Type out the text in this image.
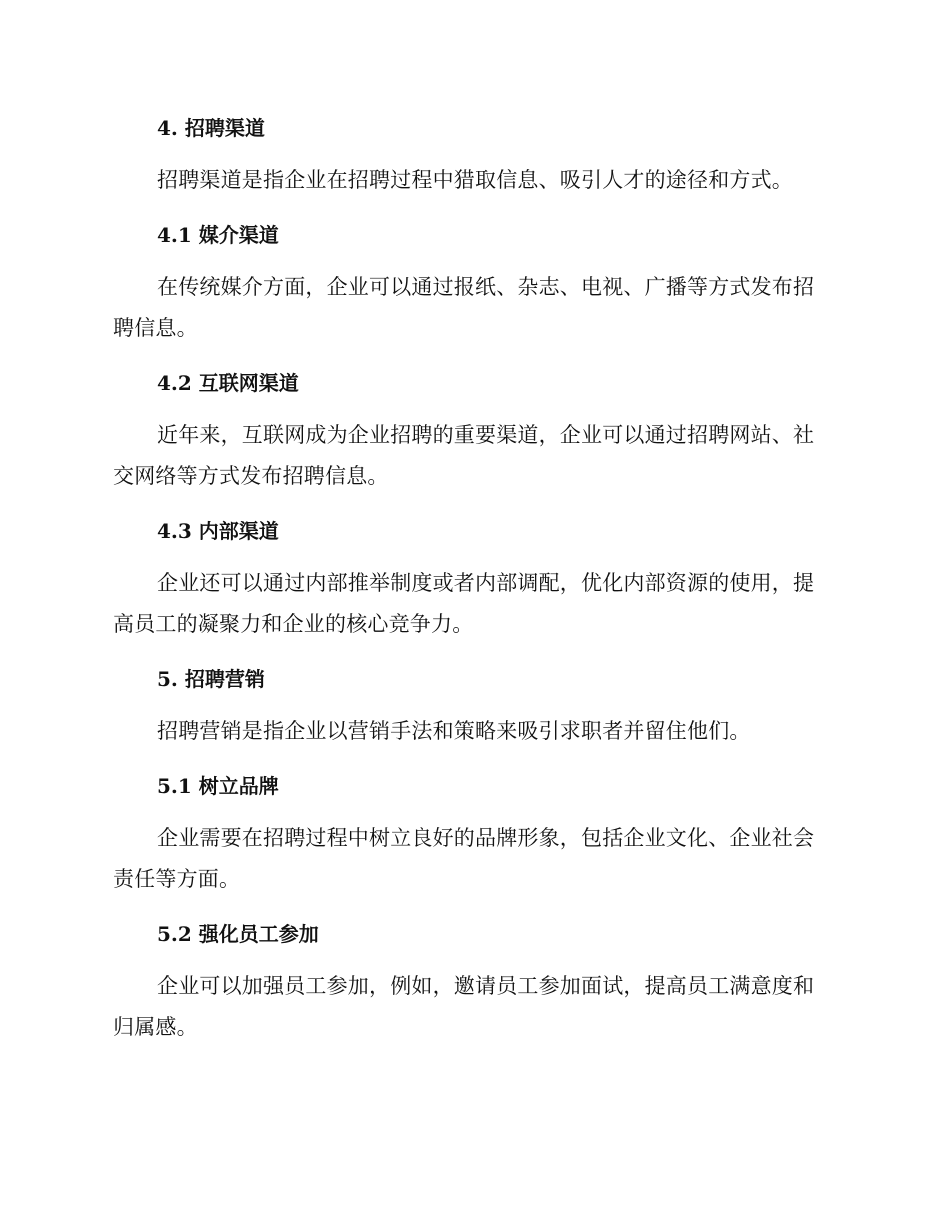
4. 招聘渠道

招聘渠道是指企业在招聘过程中猎取信息、吸引人才的途径和方式。

4.1 媒介渠道

在传统媒介方面，企业可以通过报纸、杂志、电视、广播等方式发布招聘信息。

4.2 互联网渠道

近年来，互联网成为企业招聘的重要渠道，企业可以通过招聘网站、社交网络等方式发布招聘信息。

4.3 内部渠道

企业还可以通过内部推举制度或者内部调配，优化内部资源的使用，提高员工的凝聚力和企业的核心竞争力。

5. 招聘营销

招聘营销是指企业以营销手法和策略来吸引求职者并留住他们。

5.1 树立品牌

企业需要在招聘过程中树立良好的品牌形象，包括企业文化、企业社会责任等方面。

5.2 强化员工参加

企业可以加强员工参加，例如，邀请员工参加面试，提高员工满意度和归属感。
